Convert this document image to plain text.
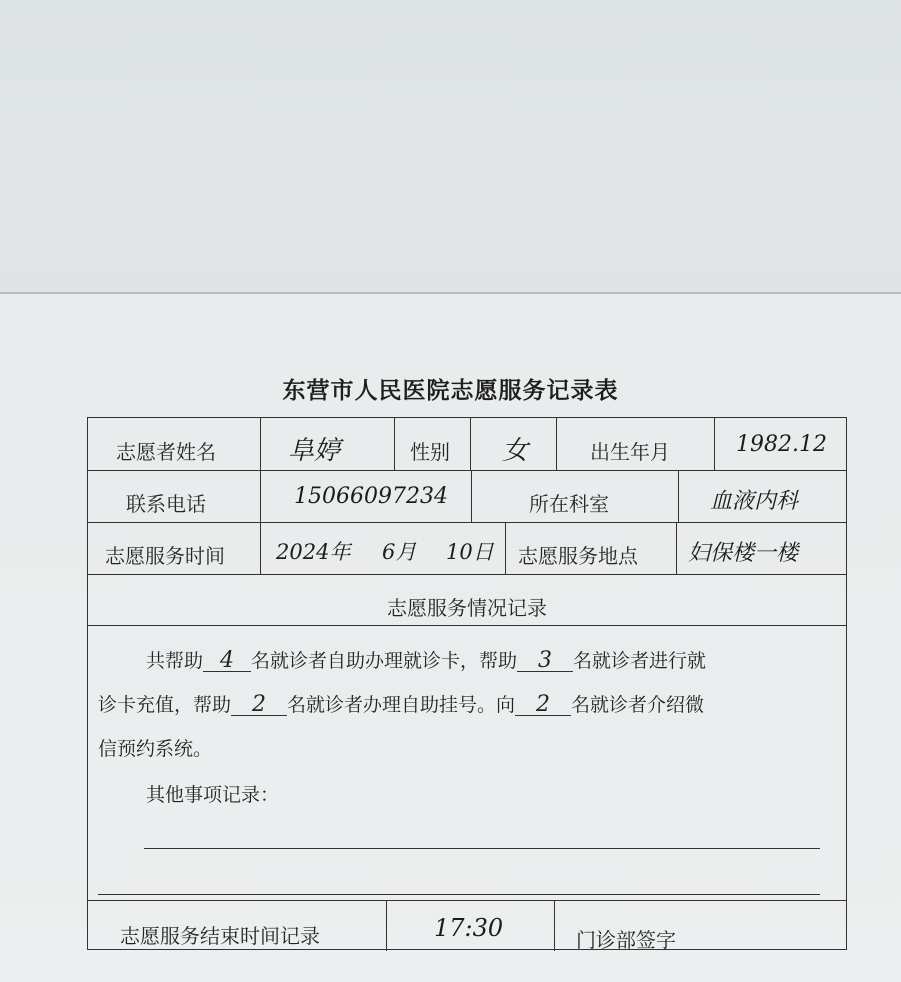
东营市人民医院志愿服务记录表
志愿者姓名	阜婷	性别 女	出生年月	1982.12
联系电话	15066097234	所在科室	血液内科
志愿服务时间 2024年 6月 10日 志愿服务地点 妇保楼一楼
志愿服务情况记录
共帮助 4 名就诊者自助办理就诊卡，帮助 3 名就诊者进行就
诊卡充值，帮助 2 名就诊者办理自助挂号。向 2 名就诊者介绍微
信预约系统。
其他事项记录：
志愿服务结束时间记录	17:30	门诊部签字
